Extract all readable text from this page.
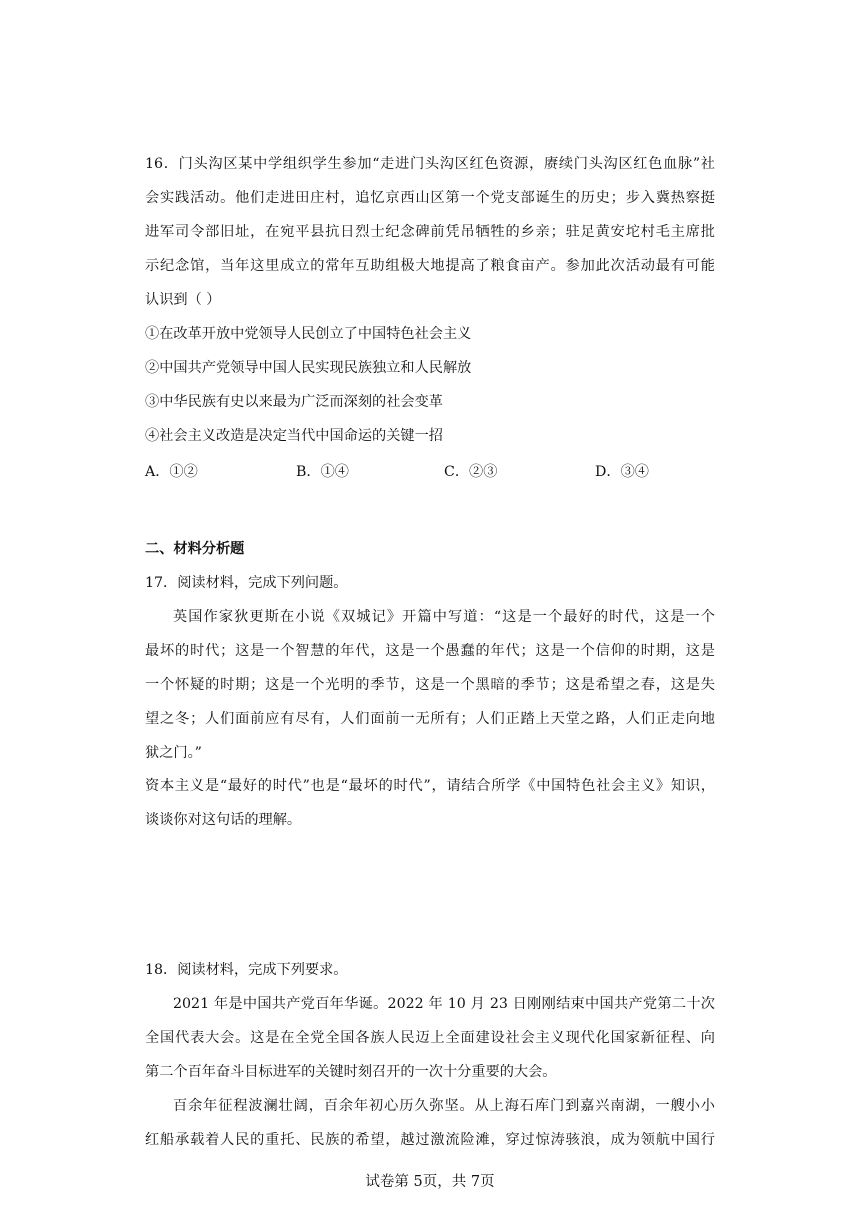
16．门头沟区某中学组织学生参加“走进门头沟区红色资源，赓续门头沟区红色血脉”社
会实践活动。他们走进田庄村，追忆京西山区第一个党支部诞生的历史；步入冀热察挺
进军司令部旧址，在宛平县抗日烈士纪念碑前凭吊牺牲的乡亲；驻足黄安坨村毛主席批
示纪念馆，当年这里成立的常年互助组极大地提高了粮食亩产。参加此次活动最有可能
认识到（ ）
①在改革开放中党领导人民创立了中国特色社会主义
②中国共产党领导中国人民实现民族独立和人民解放
③中华民族有史以来最为广泛而深刻的社会变革
④社会主义改造是决定当代中国命运的关键一招
A．①②	B．①④	C．②③	D．③④
二、材料分析题
17．阅读材料，完成下列问题。
英国作家狄更斯在小说《双城记》开篇中写道：“这是一个最好的时代，这是一个
最坏的时代；这是一个智慧的年代，这是一个愚蠢的年代；这是一个信仰的时期，这是
一个怀疑的时期；这是一个光明的季节，这是一个黑暗的季节；这是希望之春，这是失
望之冬；人们面前应有尽有，人们面前一无所有；人们正踏上天堂之路，人们正走向地
狱之门。”
资本主义是“最好的时代”也是“最坏的时代”，请结合所学《中国特色社会主义》知识，
谈谈你对这句话的理解。
18．阅读材料，完成下列要求。
2021 年是中国共产党百年华诞。2022 年 10 月 23 日刚刚结束中国共产党第二十次
全国代表大会。这是在全党全国各族人民迈上全面建设社会主义现代化国家新征程、向
试卷第 5页，共 7页
第二个百年奋斗目标进军的关键时刻召开的一次十分重要的大会。
百余年征程波澜壮阔，百余年初心历久弥坚。从上海石库门到嘉兴南湖，一艘小小
红船承载着人民的重托、民族的希望，越过激流险滩，穿过惊涛骇浪，成为领航中国行
